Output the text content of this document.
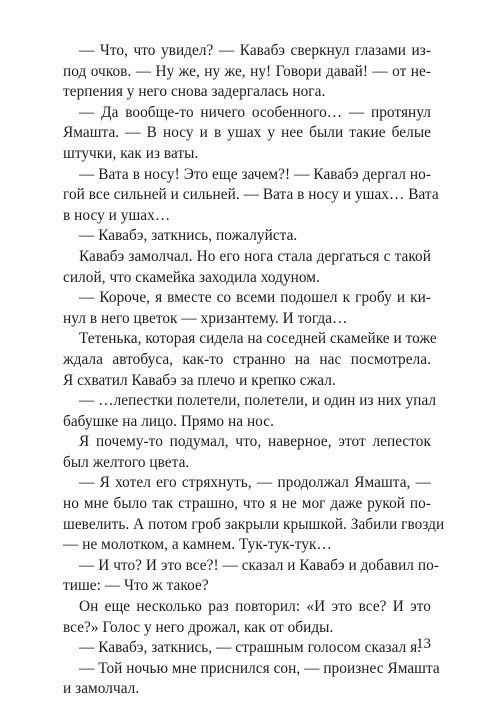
— Что, что увидел? — Кавабэ сверкнул глазами из-
под очков. — Ну же, ну же, ну! Говори давай! — от не-
терпения у него снова задергалась нога.
— Да вообще-то ничего особенного… — протянул
Ямашта. — В носу и в ушах у нее были такие белые
штучки, как из ваты.
— Вата в носу! Это еще зачем?! — Кавабэ дергал но-
гой все сильней и сильней. — Вата в носу и ушах… Вата
в носу и ушах…
— Кавабэ, заткнись, пожалуйста.
Кавабэ замолчал. Но его нога стала дергаться с такой
силой, что скамейка заходила ходуном.
— Короче, я вместе со всеми подошел к гробу и ки-
нул в него цветок — хризантему. И тогда…
Тетенька, которая сидела на соседней скамейке и тоже
ждала автобуса, как-то странно на нас посмотрела.
Я схватил Кавабэ за плечо и крепко сжал.
— …лепестки полетели, полетели, и один из них упал
бабушке на лицо. Прямо на нос.
Я почему-то подумал, что, наверное, этот лепесток
был желтого цвета.
— Я хотел его стряхнуть, — продолжал Ямашта, —
но мне было так страшно, что я не мог даже рукой по-
шевелить. А потом гроб закрыли крышкой. Забили гвозди
— не молотком, а камнем. Тук-тук-тук…
— И что? И это все?! — сказал и Кавабэ и добавил по-
тише: — Что ж такое?
Он еще несколько раз повторил: «И это все? И это
все?» Голос у него дрожал, как от обиды.
— Кавабэ, заткнись, — страшным голосом сказал я.
— Той ночью мне приснился сон, — произнес Ямашта
и замолчал.
13
